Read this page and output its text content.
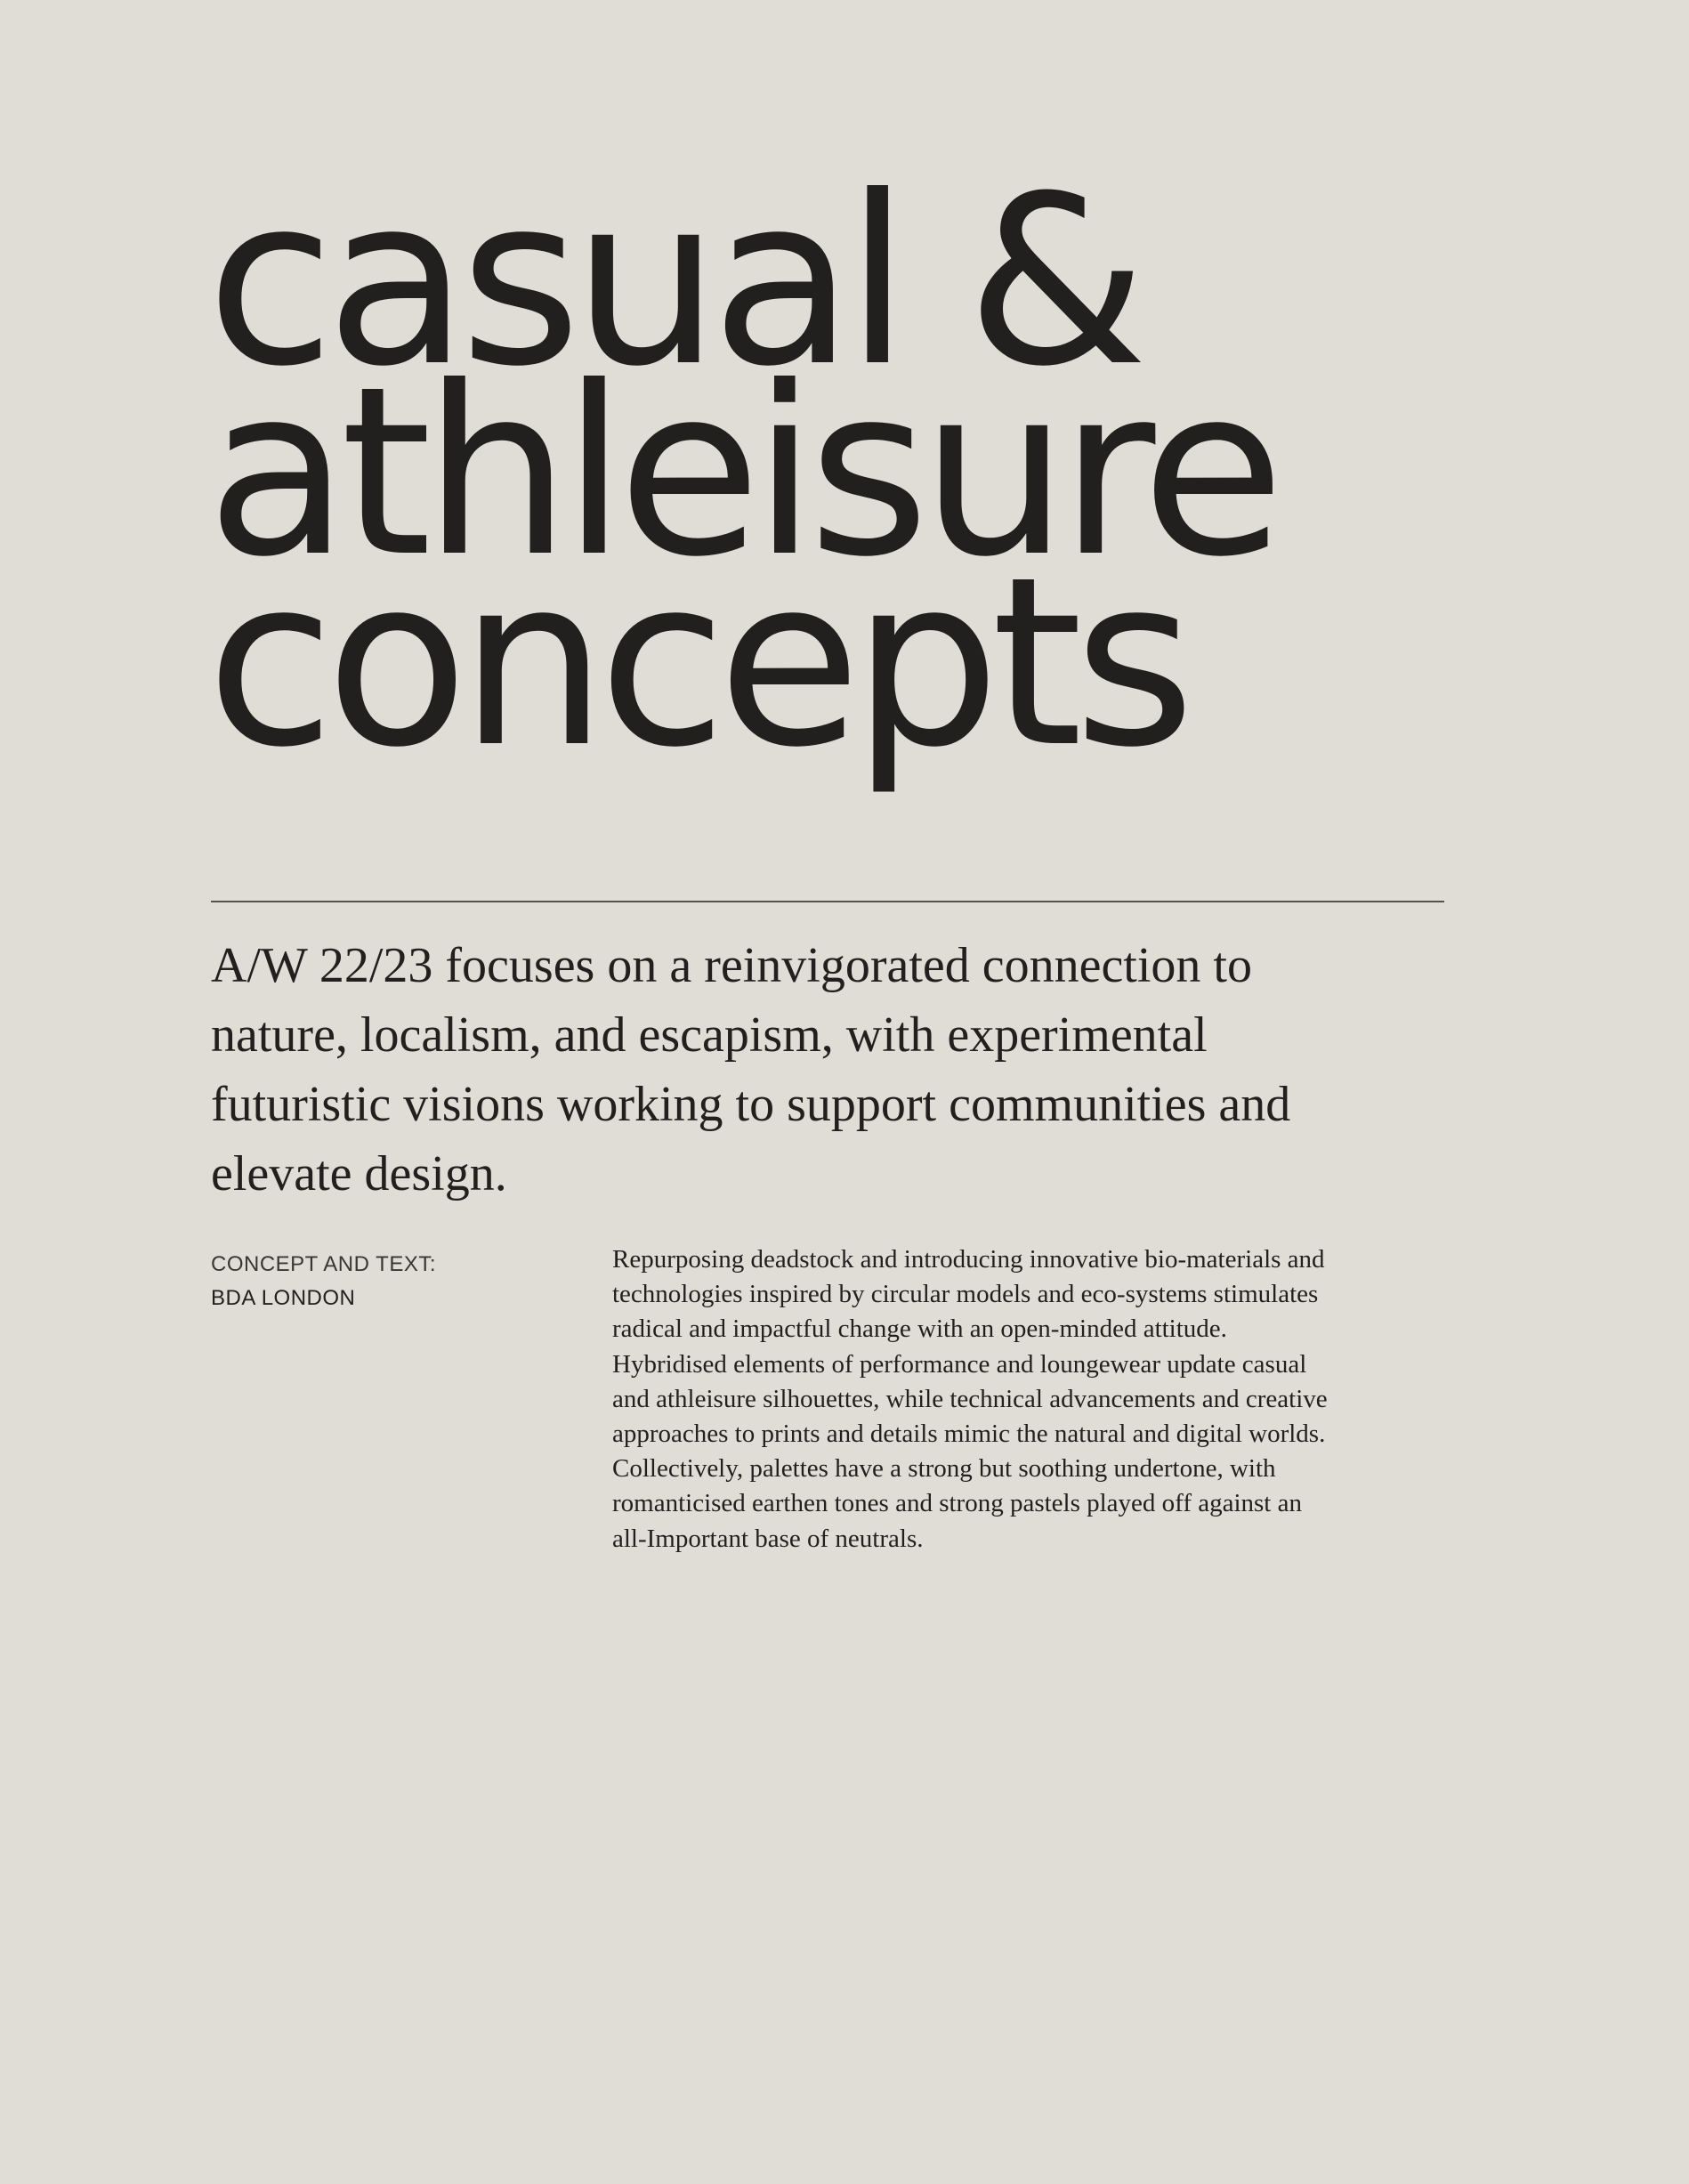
casual &
athleisure
concepts

A/W 22/23 focuses on a reinvigorated connection to
nature, localism, and escapism, with experimental
futuristic visions working to support communities and
elevate design.

CONCEPT AND TEXT:
BDA LONDON

Repurposing deadstock and introducing innovative bio-materials and
technologies inspired by circular models and eco-systems stimulates
radical and impactful change with an open-minded attitude.
Hybridised elements of performance and loungewear update casual
and athleisure silhouettes, while technical advancements and creative
approaches to prints and details mimic the natural and digital worlds.
Collectively, palettes have a strong but soothing undertone, with
romanticised earthen tones and strong pastels played off against an
all-Important base of neutrals.
